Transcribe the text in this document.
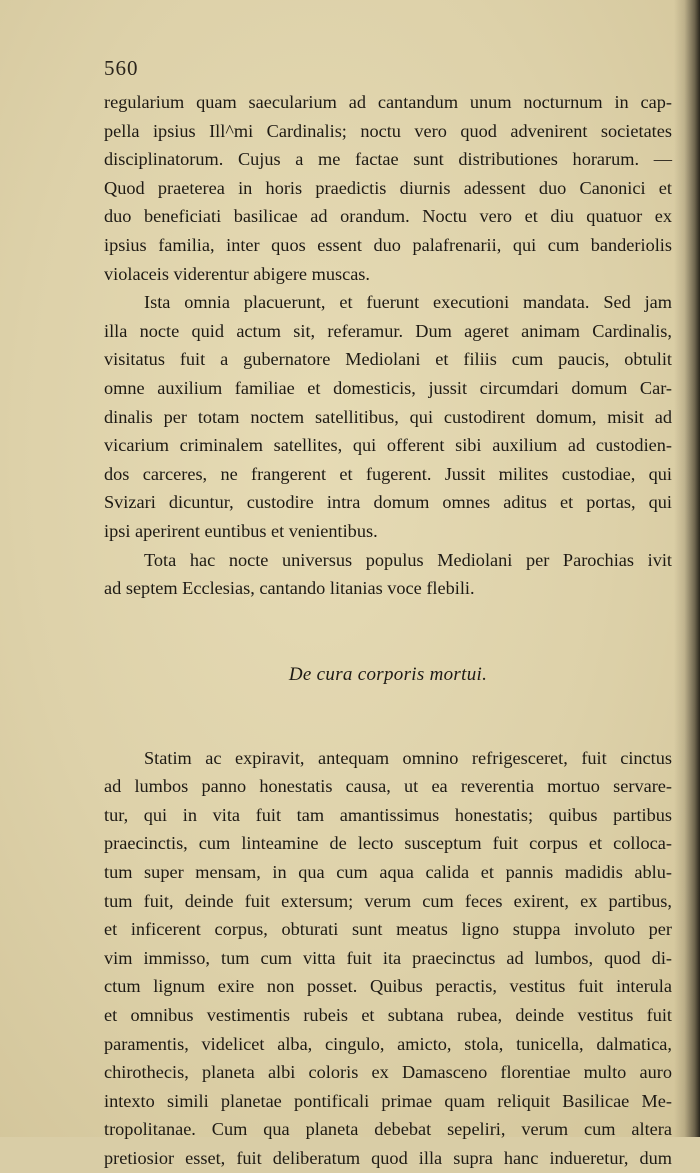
560
regularium quam saecularium ad cantandum unum nocturnum in cap-
pella ipsius Ill^mi Cardinalis; noctu vero quod advenirent societates
disciplinatorum. Cujus a me factae sunt distributiones horarum. —
Quod praeterea in horis praedictis diurnis adessent duo Canonici et
duo beneficiati basilicae ad orandum. Noctu vero et diu quatuor ex
ipsius familia, inter quos essent duo palafrenarii, qui cum banderiolis
violaceis viderentur abigere muscas.
Ista omnia placuerunt, et fuerunt executioni mandata. Sed jam
illa nocte quid actum sit, referamur. Dum ageret animam Cardinalis,
visitatus fuit a gubernatore Mediolani et filiis cum paucis, obtulit
omne auxilium familiae et domesticis, jussit circumdari domum Car-
dinalis per totam noctem satellitibus, qui custodirent domum, misit ad
vicarium criminalem satellites, qui offerent sibi auxilium ad custodien-
dos carceres, ne frangerent et fugerent. Jussit milites custodiae, qui
Svizari dicuntur, custodire intra domum omnes aditus et portas, qui
ipsi aperirent euntibus et venientibus.
Tota hac nocte universus populus Mediolani per Parochias ivit
ad septem Ecclesias, cantando litanias voce flebili.
De cura corporis mortui.
Statim ac expiravit, antequam omnino refrigesceret, fuit cinctus
ad lumbos panno honestatis causa, ut ea reverentia mortuo servare-
tur, qui in vita fuit tam amantissimus honestatis; quibus partibus
praecinctis, cum linteamine de lecto susceptum fuit corpus et colloca-
tum super mensam, in qua cum aqua calida et pannis madidis ablu-
tum fuit, deinde fuit extersum; verum cum feces exirent, ex partibus,
et inficerent corpus, obturati sunt meatus ligno stuppa involuto per
vim immisso, tum cum vitta fuit ita praecinctus ad lumbos, quod di-
ctum lignum exire non posset. Quibus peractis, vestitus fuit interula
et omnibus vestimentis rubeis et subtana rubea, deinde vestitus fuit
paramentis, videlicet alba, cingulo, amicto, stola, tunicella, dalmatica,
chirothecis, planeta albi coloris ex Damasceno florentiae multo auro
intexto simili planetae pontificali primae quam reliquit Basilicae Me-
tropolitanae. Cum qua planeta debebat sepeliri, verum cum altera
pretiosior esset, fuit deliberatum quod illa supra hanc indueretur, dum
